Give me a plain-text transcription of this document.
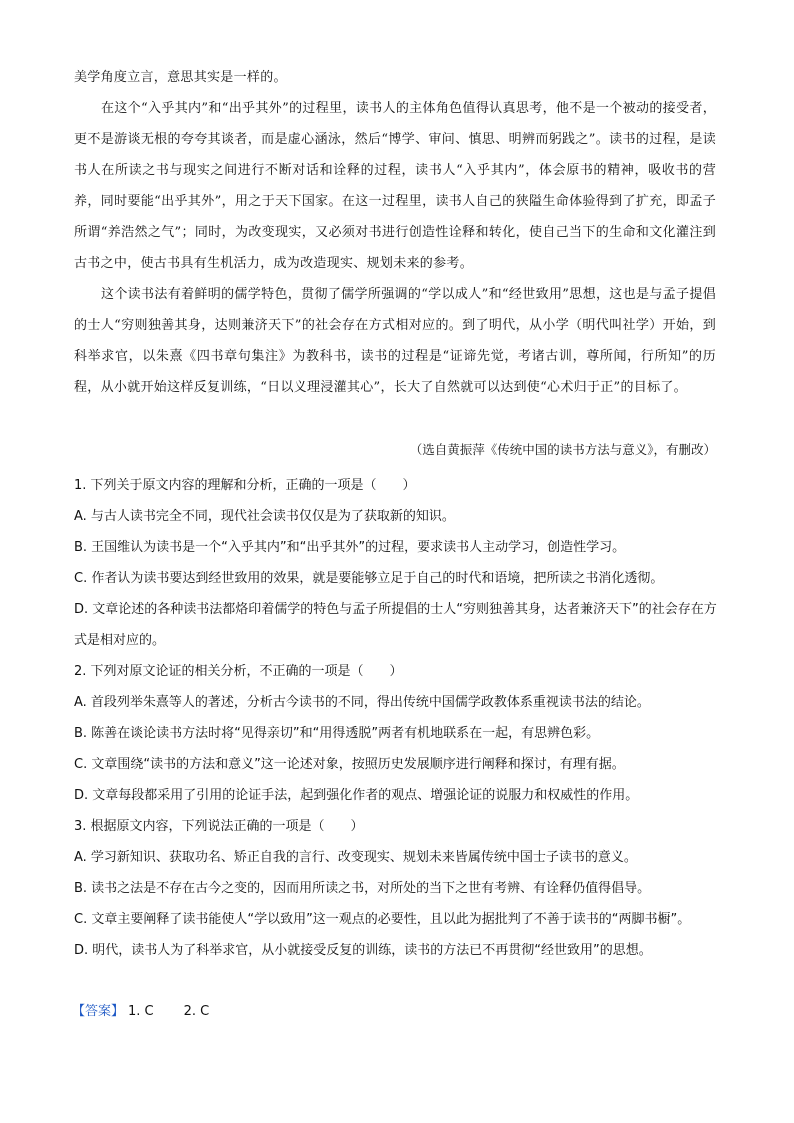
美学角度立言，意思其实是一样的。

在这个“入乎其内”和“出乎其外”的过程里，读书人的主体角色值得认真思考，他不是一个被动的接受者，更不是游谈无根的夸夸其谈者，而是虚心涵泳，然后“博学、审问、慎思、明辨而躬践之”。读书的过程，是读书人在所读之书与现实之间进行不断对话和诠释的过程，读书人“入乎其内”，体会原书的精神，吸收书的营养，同时要能“出乎其外”，用之于天下国家。在这一过程里，读书人自己的狭隘生命体验得到了扩充，即孟子所谓“养浩然之气”；同时，为改变现实，又必须对书进行创造性诠释和转化，使自己当下的生命和文化灌注到古书之中，使古书具有生机活力，成为改造现实、规划未来的参考。

这个读书法有着鲜明的儒学特色，贯彻了儒学所强调的“学以成人”和“经世致用”思想，这也是与孟子提倡的士人“穷则独善其身，达则兼济天下”的社会存在方式相对应的。到了明代，从小学（明代叫社学）开始，到科举求官，以朱熹《四书章句集注》为教科书，读书的过程是“证谛先觉，考诸古训，尊所闻，行所知”的历程，从小就开始这样反复训练，“日以义理浸灌其心”，长大了自然就可以达到使“心术归于正”的目标了。

（选自黄振萍《传统中国的读书方法与意义》，有删改）

1. 下列关于原文内容的理解和分析，正确的一项是（　　）

A. 与古人读书完全不同，现代社会读书仅仅是为了获取新的知识。

B. 王国维认为读书是一个“入乎其内”和“出乎其外”的过程，要求读书人主动学习，创造性学习。

C. 作者认为读书要达到经世致用的效果，就是要能够立足于自己的时代和语境，把所读之书消化透彻。

D. 文章论述的各种读书法都烙印着儒学的特色与孟子所提倡的士人“穷则独善其身，达者兼济天下”的社会存在方式是相对应的。

2. 下列对原文论证的相关分析，不正确的一项是（　　）

A. 首段列举朱熹等人的著述，分析古今读书的不同，得出传统中国儒学政教体系重视读书法的结论。

B. 陈善在谈论读书方法时将“见得亲切”和“用得透脱”两者有机地联系在一起，有思辨色彩。

C. 文章围绕“读书的方法和意义”这一论述对象，按照历史发展顺序进行阐释和探讨，有理有据。

D. 文章每段都采用了引用的论证手法，起到强化作者的观点、增强论证的说服力和权威性的作用。

3. 根据原文内容，下列说法正确的一项是（　　）

A. 学习新知识、获取功名、矫正自我的言行、改变现实、规划未来皆属传统中国士子读书的意义。

B. 读书之法是不存在古今之变的，因而用所读之书，对所处的当下之世有考辨、有诠释仍值得倡导。

C. 文章主要阐释了读书能使人“学以致用”这一观点的必要性，且以此为据批判了不善于读书的“两脚书橱”。

D. 明代，读书人为了科举求官，从小就接受反复的训练，读书的方法已不再贯彻“经世致用”的思想。

【答案】 1. C 2. C
